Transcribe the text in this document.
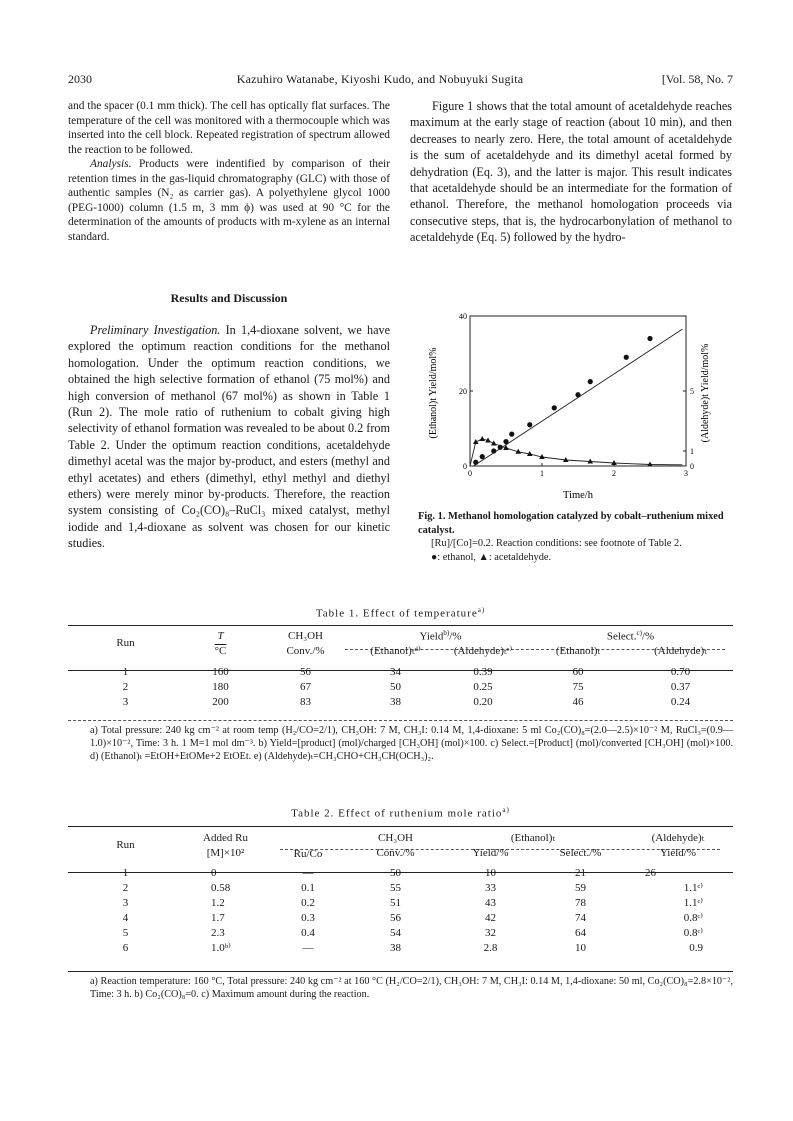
2030	Kazuhiro Watanabe, Kiyoshi Kudo, and Nobuyuki Sugita	[Vol. 58, No. 7

and the spacer (0.1 mm thick). The cell has optically flat surfaces. The temperature of the cell was monitored with a thermocouple which was inserted into the cell block. Repeated registration of spectrum allowed the reaction to be followed.

Analysis. Products were indentified by comparison of their retention times in the gas-liquid chromatography (GLC) with those of authentic samples (N₂ as carrier gas). A polyethylene glycol 1000 (PEG-1000) column (1.5 m, 3 mm ϕ) was used at 90 °C for the determination of the amounts of products with m-xylene as an internal standard.

Results and Discussion

Preliminary Investigation. In 1,4-dioxane solvent, we have explored the optimum reaction conditions for the methanol homologation. Under the optimum reaction conditions, we obtained the high selective formation of ethanol (75 mol%) and high conversion of methanol (67 mol%) as shown in Table 1 (Run 2). The mole ratio of ruthenium to cobalt giving high selectivity of ethanol formation was revealed to be about 0.2 from Table 2. Under the optimum reaction conditions, acetaldehyde dimethyl acetal was the major by-product, and esters (methyl and ethyl acetates) and ethers (dimethyl, ethyl methyl and diethyl ethers) were merely minor by-products. Therefore, the reaction system consisting of Co₂(CO)₈–RuCl₃ mixed catalyst, methyl iodide and 1,4-dioxane as solvent was chosen for our kinetic studies.

Figure 1 shows that the total amount of acetaldehyde reaches maximum at the early stage of reaction (about 10 min), and then decreases to nearly zero. Here, the total amount of acetaldehyde is the sum of acetaldehyde and its dimethyl acetal formed by dehydration (Eq. 3), and the latter is major. This result indicates that acetaldehyde should be an intermediate for the formation of ethanol. Therefore, the methanol homologation proceeds via consecutive steps, that is, the hydrocarbonylation of methanol to acetaldehyde (Eq. 5) followed by the hydro-

0	1	2	3
40
20
0
1
5
0
(Ethanol)t Yield/mol%	(Aldehyde)t Yield/mol%
Time/h
Fig. 1. Methanol homologation catalyzed by cobalt–ruthenium mixed catalyst.
[Ru]/[Co]=0.2. Reaction conditions: see footnote of Table 2.
●: ethanol, ▲: acetaldehyde.
Table 1. Effect of temperature$^{a)}$
Run	T	CH₃OH	Yield$^{b)}$/%		Select.$^{c)}$/%	
	°C	Conv./%	(Ethanol)ₜᵈ⁾	(Aldehyde)ₜᵉ⁾	(Ethanol)ₜ	(Aldehyde)ₜ

1	160	56	34	0.39	60	0.70
2	180	67	50	0.25	75	0.37
3	200	83	38	0.20	46	0.24
a) Total pressure: 240 kg cm⁻² at room temp (H₂/CO=2/1), CH₃OH: 7 M, CH₃I: 0.14 M, 1,4-dioxane: 5 ml Co₂(CO)₈=(2.0—2.5)×10⁻² M, RuCl₃=(0.9—1.0)×10⁻², Time: 3 h. 1 M=1 mol dm⁻³. b) Yield=[product] (mol)/charged [CH₃OH] (mol)×100. c) Select.=[Product] (mol)/converted [CH₃OH] (mol)×100. d) (Ethanol)ₜ =EtOH+EtOMe+2 EtOEt. e) (Aldehyde)ₜ=CH₃CHO+CH₃CH(OCH₃)₂.
Table 2. Effect of ruthenium mole ratio$^{a)}$
Run	Added Ru	Ru/Co	CH₃OH	(Ethanol)ₜ		(Aldehyde)ₜ
	[M]×10²		Conv./%	Yield/%	Select./%	Yield/%

1	0	—	50	10	21	26
2	0.58	0.1	55	33	59	1.1ᶜ⁾
3	1.2	0.2	51	43	78	1.1ᶜ⁾
4	1.7	0.3	56	42	74	0.8ᶜ⁾
5	2.3	0.4	54	32	64	0.8ᶜ⁾
6	1.0ᵇ⁾	—	38	2.8	10	0.9
a) Reaction temperature: 160 °C, Total pressure: 240 kg cm⁻² at 160 °C (H₂/CO=2/1), CH₃OH: 7 M, CH₃I: 0.14 M, 1,4-dioxane: 50 ml, Co₂(CO)₈=2.8×10⁻², Time: 3 h. b) Co₂(CO)₈=0. c) Maximum amount during the reaction.
